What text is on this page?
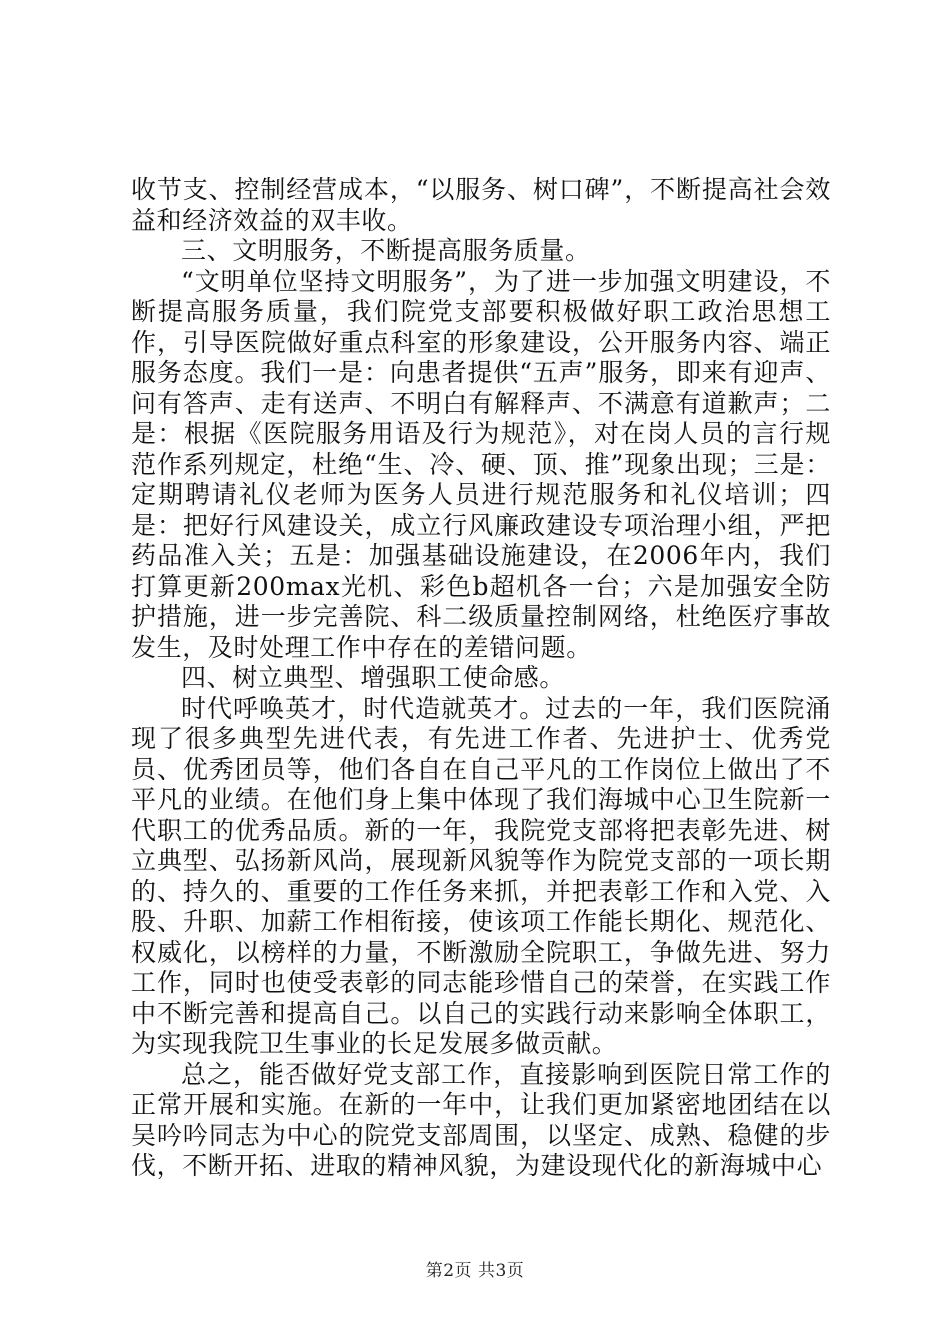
收节支、控制经营成本，“以服务、树口碑”，不断提高社会效益和经济效益的双丰收。

三、文明服务，不断提高服务质量。

“文明单位坚持文明服务”，为了进一步加强文明建设，不断提高服务质量，我们院党支部要积极做好职工政治思想工作，引导医院做好重点科室的形象建设，公开服务内容、端正服务态度。我们一是：向患者提供“五声”服务，即来有迎声、问有答声、走有送声、不明白有解释声、不满意有道歉声；二是：根据《医院服务用语及行为规范》，对在岗人员的言行规范作系列规定，杜绝“生、冷、硬、顶、推”现象出现；三是：定期聘请礼仪老师为医务人员进行规范服务和礼仪培训；四是：把好行风建设关，成立行风廉政建设专项治理小组，严把药品准入关；五是：加强基础设施建设，在2006年内，我们打算更新200max光机、彩色b超机各一台；六是加强安全防护措施，进一步完善院、科二级质量控制网络，杜绝医疗事故发生，及时处理工作中存在的差错问题。

四、树立典型、增强职工使命感。

时代呼唤英才，时代造就英才。过去的一年，我们医院涌现了很多典型先进代表，有先进工作者、先进护士、优秀党员、优秀团员等，他们各自在自己平凡的工作岗位上做出了不平凡的业绩。在他们身上集中体现了我们海城中心卫生院新一代职工的优秀品质。新的一年，我院党支部将把表彰先进、树立典型、弘扬新风尚，展现新风貌等作为院党支部的一项长期的、持久的、重要的工作任务来抓，并把表彰工作和入党、入股、升职、加薪工作相衔接，使该项工作能长期化、规范化、权威化，以榜样的力量，不断激励全院职工，争做先进、努力工作，同时也使受表彰的同志能珍惜自己的荣誉，在实践工作中不断完善和提高自己。以自己的实践行动来影响全体职工，为实现我院卫生事业的长足发展多做贡献。

总之，能否做好党支部工作，直接影响到医院日常工作的正常开展和实施。在新的一年中，让我们更加紧密地团结在以吴吟吟同志为中心的院党支部周围，以坚定、成熟、稳健的步伐，不断开拓、进取的精神风貌，为建设现代化的新海城中心

第2页 共3页
